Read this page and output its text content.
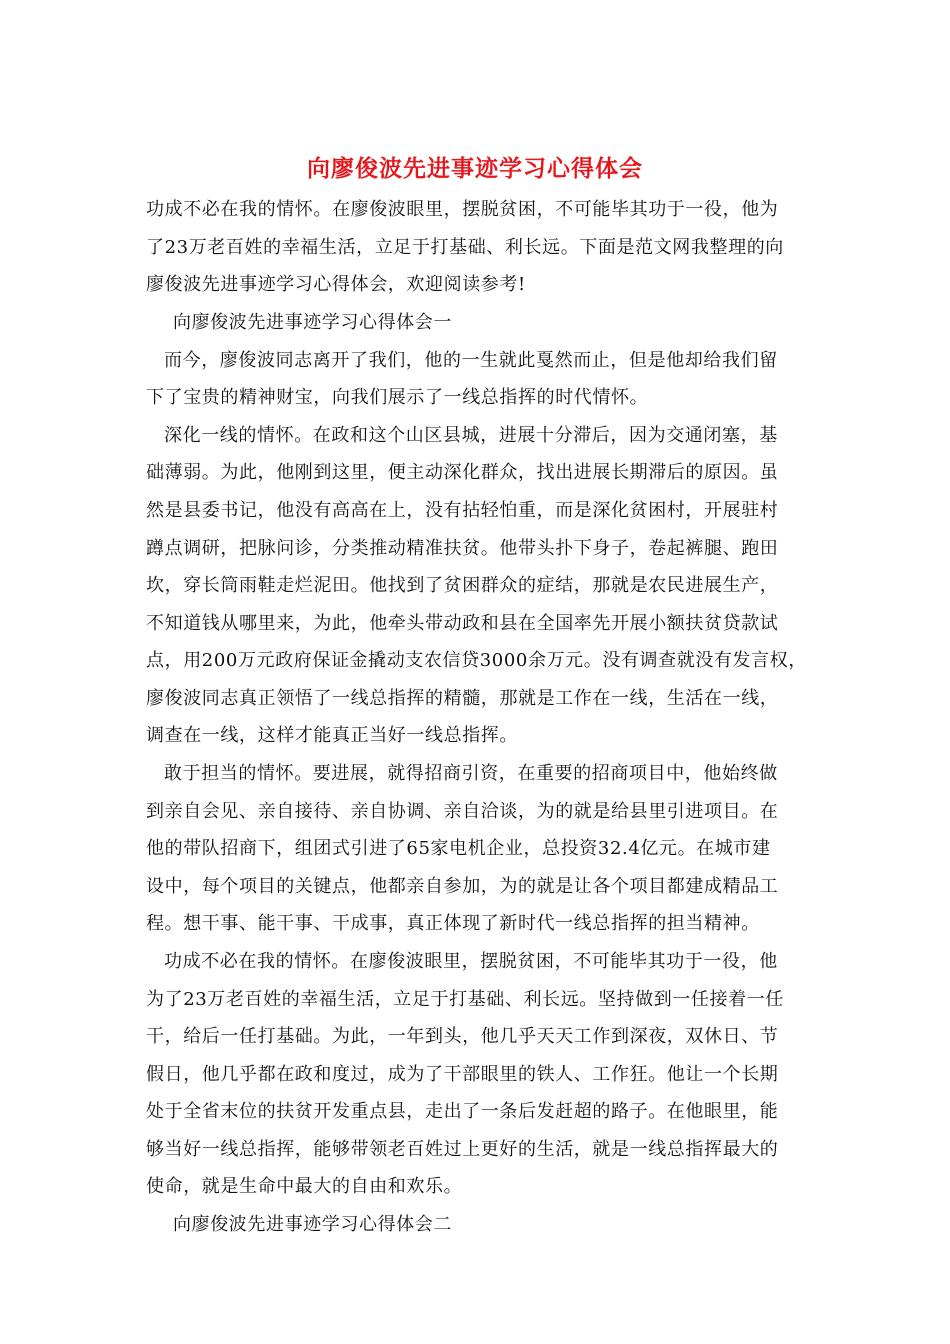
向廖俊波先进事迹学习心得体会
功成不必在我的情怀。在廖俊波眼里，摆脱贫困，不可能毕其功于一役，他为
了23万老百姓的幸福生活，立足于打基础、利长远。下面是范文网我整理的向
廖俊波先进事迹学习心得体会，欢迎阅读参考!
向廖俊波先进事迹学习心得体会一
而今，廖俊波同志离开了我们，他的一生就此戛然而止，但是他却给我们留
下了宝贵的精神财宝，向我们展示了一线总指挥的时代情怀。
深化一线的情怀。在政和这个山区县城，进展十分滞后，因为交通闭塞，基
础薄弱。为此，他刚到这里，便主动深化群众，找出进展长期滞后的原因。虽
然是县委书记，他没有高高在上，没有拈轻怕重，而是深化贫困村，开展驻村
蹲点调研，把脉问诊，分类推动精准扶贫。他带头扑下身子，卷起裤腿、跑田
坎，穿长筒雨鞋走烂泥田。他找到了贫困群众的症结，那就是农民进展生产，
不知道钱从哪里来，为此，他牵头带动政和县在全国率先开展小额扶贫贷款试
点，用200万元政府保证金撬动支农信贷3000余万元。没有调查就没有发言权，
廖俊波同志真正领悟了一线总指挥的精髓，那就是工作在一线，生活在一线，
调查在一线，这样才能真正当好一线总指挥。
敢于担当的情怀。要进展，就得招商引资，在重要的招商项目中，他始终做
到亲自会见、亲自接待、亲自协调、亲自洽谈，为的就是给县里引进项目。在
他的带队招商下，组团式引进了65家电机企业，总投资32.4亿元。在城市建
设中，每个项目的关键点，他都亲自参加，为的就是让各个项目都建成精品工
程。想干事、能干事、干成事，真正体现了新时代一线总指挥的担当精神。
功成不必在我的情怀。在廖俊波眼里，摆脱贫困，不可能毕其功于一役，他
为了23万老百姓的幸福生活，立足于打基础、利长远。坚持做到一任接着一任
干，给后一任打基础。为此，一年到头，他几乎天天工作到深夜，双休日、节
假日，他几乎都在政和度过，成为了干部眼里的铁人、工作狂。他让一个长期
处于全省末位的扶贫开发重点县，走出了一条后发赶超的路子。在他眼里，能
够当好一线总指挥，能够带领老百姓过上更好的生活，就是一线总指挥最大的
使命，就是生命中最大的自由和欢乐。
向廖俊波先进事迹学习心得体会二
